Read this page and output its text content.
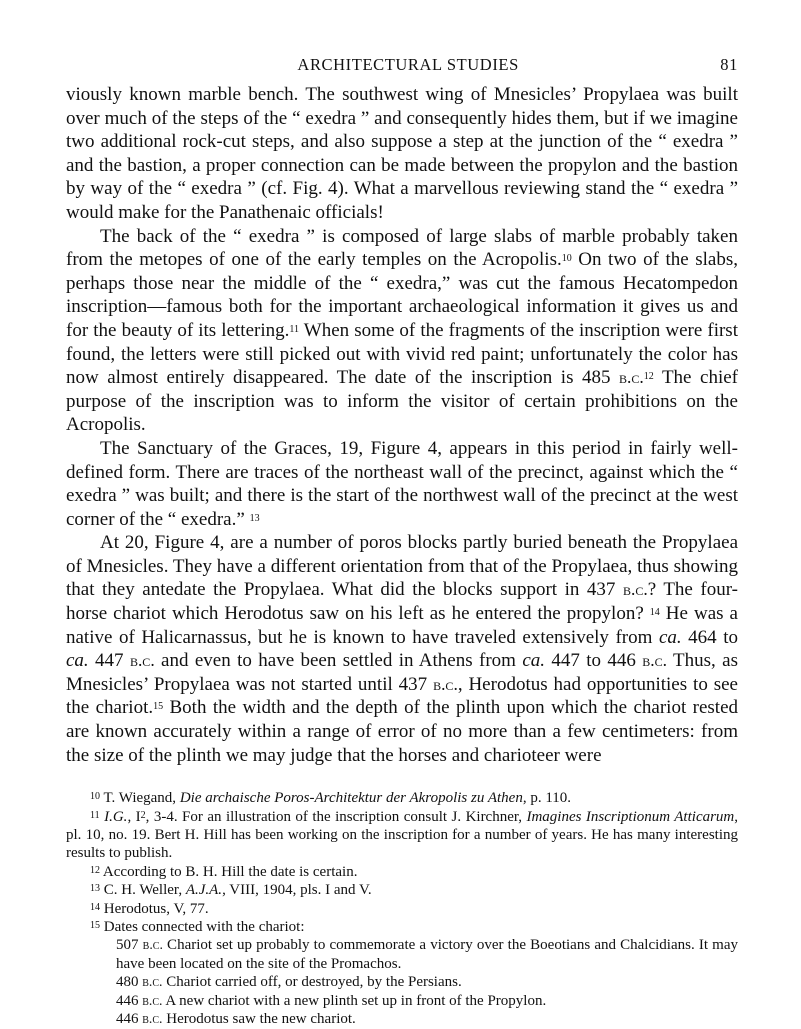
ARCHITECTURAL STUDIES	81

viously known marble bench. The southwest wing of Mnesicles’ Propylaea was built over much of the steps of the “ exedra ” and consequently hides them, but if we imagine two additional rock-cut steps, and also suppose a step at the junction of the “ exedra ” and the bastion, a proper connection can be made between the propylon and the bastion by way of the “ exedra ” (cf. Fig. 4). What a marvellous reviewing stand the “ exedra ” would make for the Panathenaic officials!

The back of the “ exedra ” is composed of large slabs of marble probably taken from the metopes of one of the early temples on the Acropolis.$^{10}$ On two of the slabs, perhaps those near the middle of the “ exedra,” was cut the famous Hecatompedon inscription—famous both for the important archaeological information it gives us and for the beauty of its lettering.$^{11}$ When some of the fragments of the inscription were first found, the letters were still picked out with vivid red paint; unfortunately the color has now almost entirely disappeared. The date of the inscription is 485 b.c.$^{12}$ The chief purpose of the inscription was to inform the visitor of certain prohibitions on the Acropolis.

The Sanctuary of the Graces, 19, Figure 4, appears in this period in fairly well-defined form. There are traces of the northeast wall of the precinct, against which the “ exedra ” was built; and there is the start of the northwest wall of the precinct at the west corner of the “ exedra.” $^{13}$

At 20, Figure 4, are a number of poros blocks partly buried beneath the Propylaea of Mnesicles. They have a different orientation from that of the Propylaea, thus showing that they antedate the Propylaea. What did the blocks support in 437 b.c.? The four-horse chariot which Herodotus saw on his left as he entered the propylon? $^{14}$ He was a native of Halicarnassus, but he is known to have traveled extensively from ca. 464 to ca. 447 b.c. and even to have been settled in Athens from ca. 447 to 446 b.c. Thus, as Mnesicles’ Propylaea was not started until 437 b.c., Herodotus had opportunities to see the chariot.$^{15}$ Both the width and the depth of the plinth upon which the chariot rested are known accurately within a range of error of no more than a few centimeters: from the size of the plinth we may judge that the horses and charioteer were

$^{10}$ T. Wiegand, Die archaische Poros-Architektur der Akropolis zu Athen, p. 110.

$^{11}$ I.G., $I^2$, 3-4. For an illustration of the inscription consult J. Kirchner, Imagines Inscriptionum Atticarum, pl. 10, no. 19. Bert H. Hill has been working on the inscription for a number of years. He has many interesting results to publish.

$^{12}$ According to B. H. Hill the date is certain.

$^{13}$ C. H. Weller, A.J.A., VIII, 1904, pls. I and V.

$^{14}$ Herodotus, V, 77.

$^{15}$ Dates connected with the chariot:

507 b.c. Chariot set up probably to commemorate a victory over the Boeotians and Chalcidians. It may have been located on the site of the Promachos.

480 b.c. Chariot carried off, or destroyed, by the Persians.

446 b.c. A new chariot with a new plinth set up in front of the Propylon.

446 b.c. Herodotus saw the new chariot.
